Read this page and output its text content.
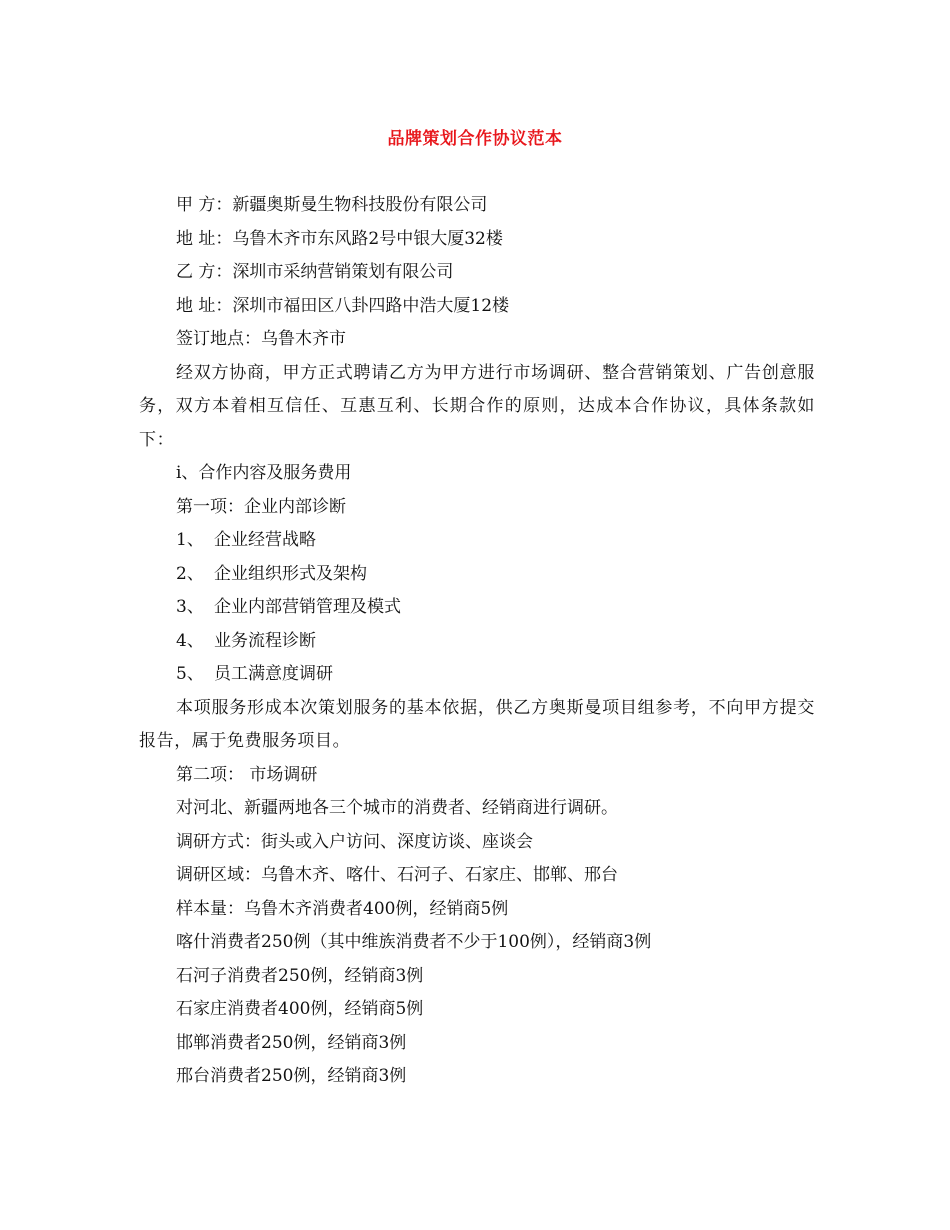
品牌策划合作协议范本

甲 方：新疆奥斯曼生物科技股份有限公司

地 址：乌鲁木齐市东风路2号中银大厦32楼

乙 方：深圳市采纳营销策划有限公司

地 址：深圳市福田区八卦四路中浩大厦12楼

签订地点：乌鲁木齐市

经双方协商，甲方正式聘请乙方为甲方进行市场调研、整合营销策划、广告创意服务，双方本着相互信任、互惠互利、长期合作的原则，达成本合作协议，具体条款如下：

ⅰ、合作内容及服务费用

第一项：企业内部诊断

1、 企业经营战略

2、 企业组织形式及架构

3、 企业内部营销管理及模式

4、 业务流程诊断

5、 员工满意度调研

本项服务形成本次策划服务的基本依据，供乙方奥斯曼项目组参考，不向甲方提交报告，属于免费服务项目。

第二项： 市场调研

对河北、新疆两地各三个城市的消费者、经销商进行调研。

调研方式：街头或入户访问、深度访谈、座谈会

调研区域：乌鲁木齐、喀什、石河子、石家庄、邯郸、邢台

样本量：乌鲁木齐消费者400例，经销商5例

喀什消费者250例（其中维族消费者不少于100例），经销商3例

石河子消费者250例，经销商3例

石家庄消费者400例，经销商5例

邯郸消费者250例，经销商3例

邢台消费者250例，经销商3例
